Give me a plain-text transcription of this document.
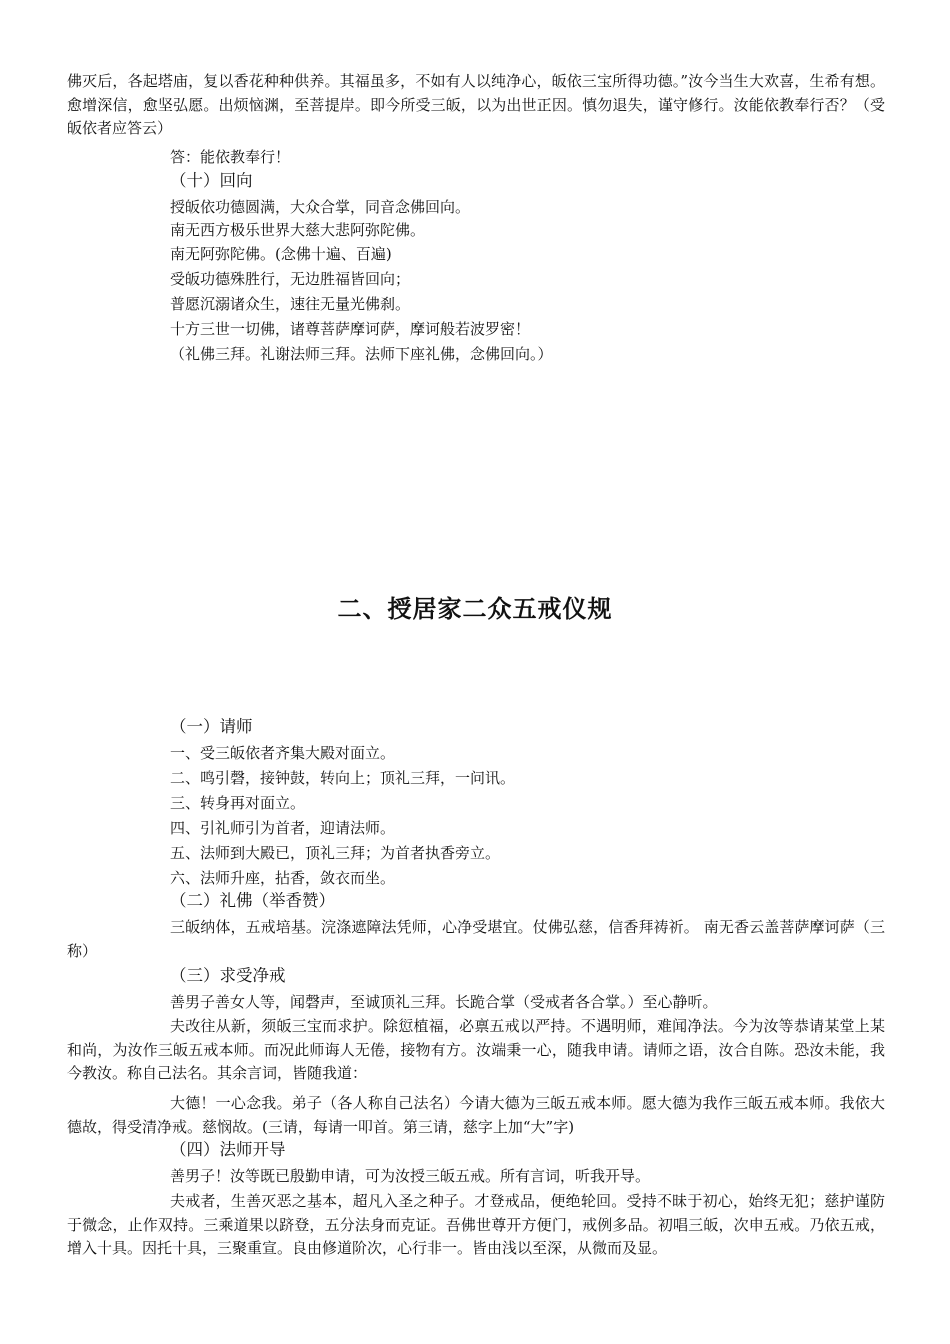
佛灭后，各起塔庙，复以香花种种供养。其福虽多，不如有人以纯净心，皈依三宝所得功德。”汝今当生大欢喜，生希有想。愈增深信，愈坚弘愿。出烦恼渊，至菩提岸。即今所受三皈，以为出世正因。慎勿退失，谨守修行。汝能依教奉行否？（受皈依者应答云）

答：能依教奉行！

（十）回向

授皈依功德圆满，大众合掌，同音念佛回向。

南无西方极乐世界大慈大悲阿弥陀佛。

南无阿弥陀佛。(念佛十遍、百遍)

受皈功德殊胜行，无边胜福皆回向；

普愿沉溺诸众生，速往无量光佛刹。

十方三世一切佛，诸尊菩萨摩诃萨，摩诃般若波罗密！

（礼佛三拜。礼谢法师三拜。法师下座礼佛，念佛回向。）

二、授居家二众五戒仪规

（一）请师

一、受三皈依者齐集大殿对面立。

二、鸣引磬，接钟鼓，转向上；顶礼三拜，一问讯。

三、转身再对面立。

四、引礼师引为首者，迎请法师。

五、法师到大殿已，顶礼三拜；为首者执香旁立。

六、法师升座，拈香，敛衣而坐。

（二）礼佛（举香赞）

三皈纳体，五戒培基。浣涤遮障法凭师，心净受堪宜。仗佛弘慈，信香拜祷祈。 南无香云盖菩萨摩诃萨（三称）

（三）求受净戒

善男子善女人等，闻磬声，至诚顶礼三拜。长跪合掌（受戒者各合掌。）至心静听。

夫改往从新，须皈三宝而求护。除愆植福，必禀五戒以严持。不遇明师，难闻净法。今为汝等恭请某堂上某和尚，为汝作三皈五戒本师。而况此师诲人无倦，接物有方。汝端秉一心，随我申请。请师之语，汝合自陈。恐汝未能，我今教汝。称自己法名。其余言词，皆随我道：

大德！一心念我。弟子（各人称自己法名）今请大德为三皈五戒本师。愿大德为我作三皈五戒本师。我依大德故，得受清净戒。慈悯故。(三请，每请一叩首。第三请，慈字上加“大”字)

（四）法师开导

善男子！汝等既已殷勤申请，可为汝授三皈五戒。所有言词，听我开导。

夫戒者，生善灭恶之基本，超凡入圣之种子。才登戒品，便绝轮回。受持不昧于初心，始终无犯；慈护谨防于微念，止作双持。三乘道果以跻登，五分法身而克证。吾佛世尊开方便门，戒例多品。初唱三皈，次申五戒。乃依五戒，增入十具。因托十具，三聚重宣。良由修道阶次，心行非一。皆由浅以至深，从微而及显。
